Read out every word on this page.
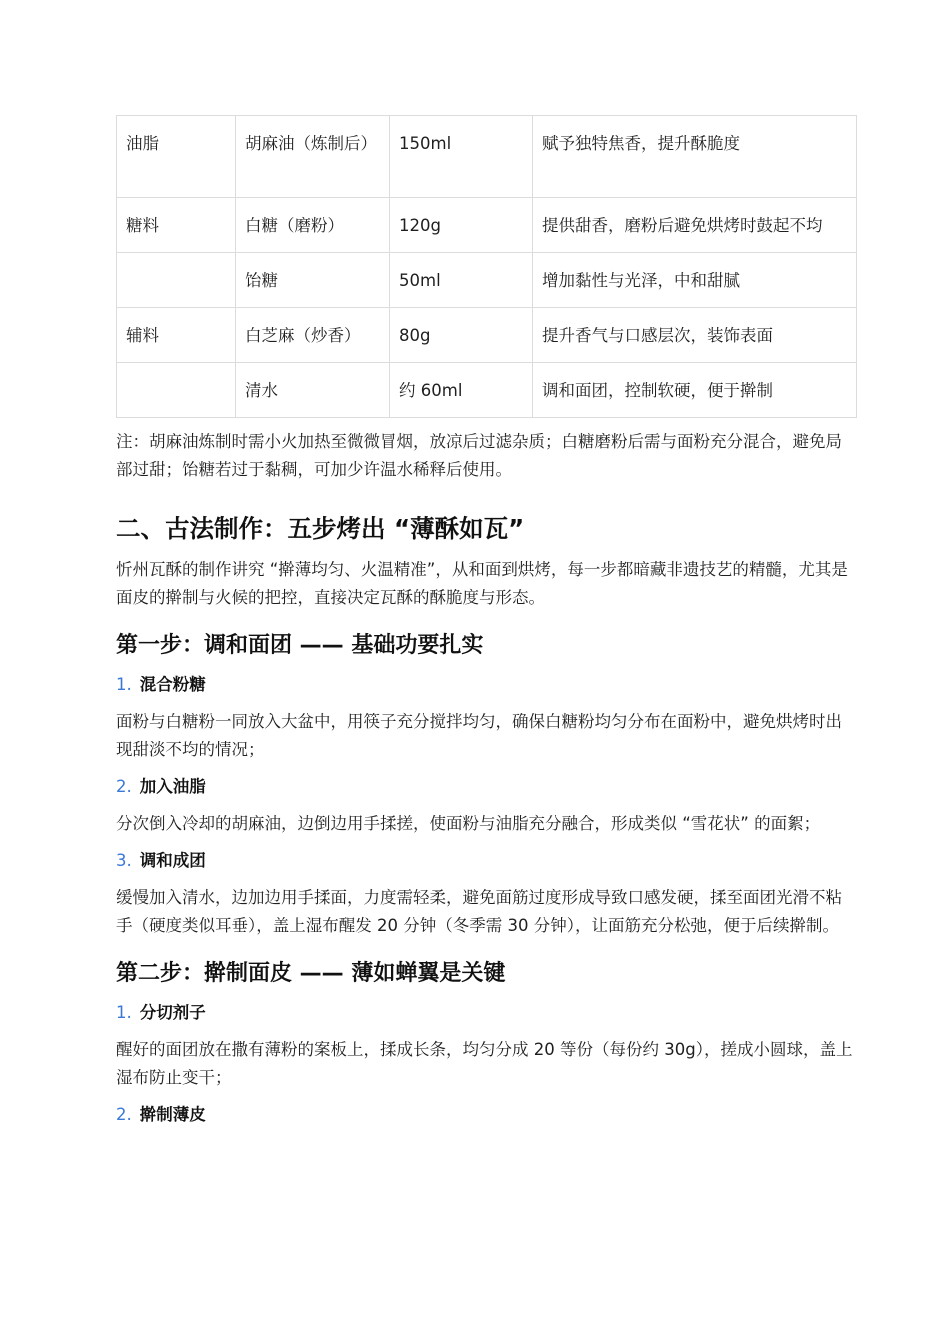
油脂	胡麻油（炼制后）	150ml	赋予独特焦香，提升酥脆度
糖料	白糖（磨粉）	120g	提供甜香，磨粉后避免烘烤时鼓起不均
	饴糖	50ml	增加黏性与光泽，中和甜腻
辅料	白芝麻（炒香）	80g	提升香气与口感层次，装饰表面
	清水	约 60ml	调和面团，控制软硬，便于擀制
注：胡麻油炼制时需小火加热至微微冒烟，放凉后过滤杂质；白糖磨粉后需与面粉充分混合，避免局部过甜；饴糖若过于黏稠，可加少许温水稀释后使用。
二、古法制作：五步烤出 “薄酥如瓦”

忻州瓦酥的制作讲究 “擀薄均匀、火温精准”，从和面到烘烤，每一步都暗藏非遗技艺的精髓，尤其是面皮的擀制与火候的把控，直接决定瓦酥的酥脆度与形态。

第一步：调和面团 —— 基础功要扎实
1. 混合粉糖

面粉与白糖粉一同放入大盆中，用筷子充分搅拌均匀，确保白糖粉均匀分布在面粉中，避免烘烤时出现甜淡不均的情况；

2. 加入油脂

分次倒入冷却的胡麻油，边倒边用手揉搓，使面粉与油脂充分融合，形成类似 “雪花状” 的面絮；

3. 调和成团

缓慢加入清水，边加边用手揉面，力度需轻柔，避免面筋过度形成导致口感发硬，揉至面团光滑不粘手（硬度类似耳垂），盖上湿布醒发 20 分钟（冬季需 30 分钟），让面筋充分松弛，便于后续擀制。

第二步：擀制面皮 —— 薄如蝉翼是关键
1. 分切剂子

醒好的面团放在撒有薄粉的案板上，揉成长条，均匀分成 20 等份（每份约 30g），搓成小圆球，盖上湿布防止变干；

2. 擀制薄皮
